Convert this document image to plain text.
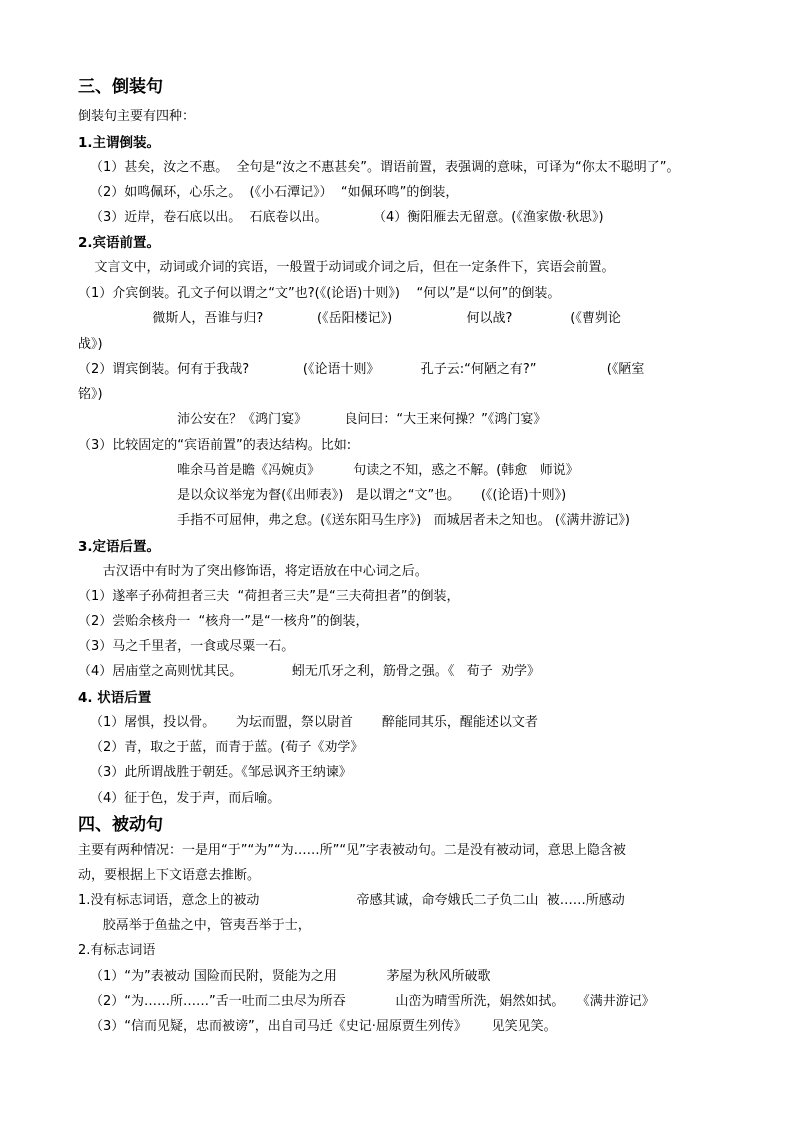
三、倒装句
倒装句主要有四种：
1.主谓倒装。
（1）甚矣，汝之不惠。  全句是“汝之不惠甚矣”。谓语前置，表强调的意味，可译为“你太不聪明了”。
（2）如鸣佩环，心乐之。  (《小石潭记》）  “如佩环鸣”的倒装，
（3）近岸，卷石底以出。  石底卷以出。           （4）衡阳雁去无留意。(《渔家傲·秋思》)
2.宾语前置。
文言文中，动词或介词的宾语，一般置于动词或介词之后，但在一定条件下，宾语会前置。
（1）介宾倒装。孔文子何以谓之“文”也?(《(论语)十则》)    “何以”是“以何”的倒装。
微斯人，吾谁与归?             (《岳阳楼记》)                  何以战?              (《曹刿论
战》)
（2）谓宾倒装。何有于我哉?             (《论语十则》          孔子云:“何陋之有?”                 (《陋室
铭》)
沛公安在？《鸿门宴》         良问曰：“大王来何操？”《鸿门宴》
（3）比较固定的“宾语前置”的表达结构。比如:
唯余马首是瞻《冯婉贞》        句读之不知，惑之不解。(韩愈   师说》
是以众议举宠为督(《出师表》)   是以谓之“文”也。     (《(论语)十则》)
手指不可屈伸，弗之怠。(《送东阳马生序》)   而城居者未之知也。 (《满井游记》)
3.定语后置。
古汉语中有时为了突出修饰语，将定语放在中心词之后。
（1）遂率子孙荷担者三夫  “荷担者三夫”是“三夫荷担者”的倒装，
（2）尝贻余核舟一  “核舟一”是“一核舟”的倒装，
（3）马之千里者，一食或尽粟一石。
（4）居庙堂之高则忧其民。            蚓无爪牙之利，筋骨之强。《   荀子  劝学》
4. 状语后置
（1）屠惧，投以骨。     为坛而盟，祭以尉首       醉能同其乐，醒能述以文者
（2）青，取之于蓝，而青于蓝。(荀子《劝学》
（3）此所谓战胜于朝廷。《邹忌讽齐王纳谏》
（4）征于色，发于声，而后喻。
四、被动句
主要有两种情况：一是用“于”“为”“为……所”“见”字表被动句。二是没有被动词，意思上隐含被
动，要根据上下文语意去推断。
1.没有标志词语，意念上的被动 帝感其诚，命夸娥氏二子负二山  被……所感动
胶鬲举于鱼盐之中，管夷吾举于士，
2.有标志词语
（1）“为”表被动 国险而民附，贤能为之用            茅屋为秋风所破歌
（2）“为……所……”舌一吐而二虫尽为所吞            山峦为晴雪所洗，娟然如拭。   《满井游记》
（3）“信而见疑，忠而被谤”，出自司马迁《史记·屈原贾生列传》      见笑见笑。
